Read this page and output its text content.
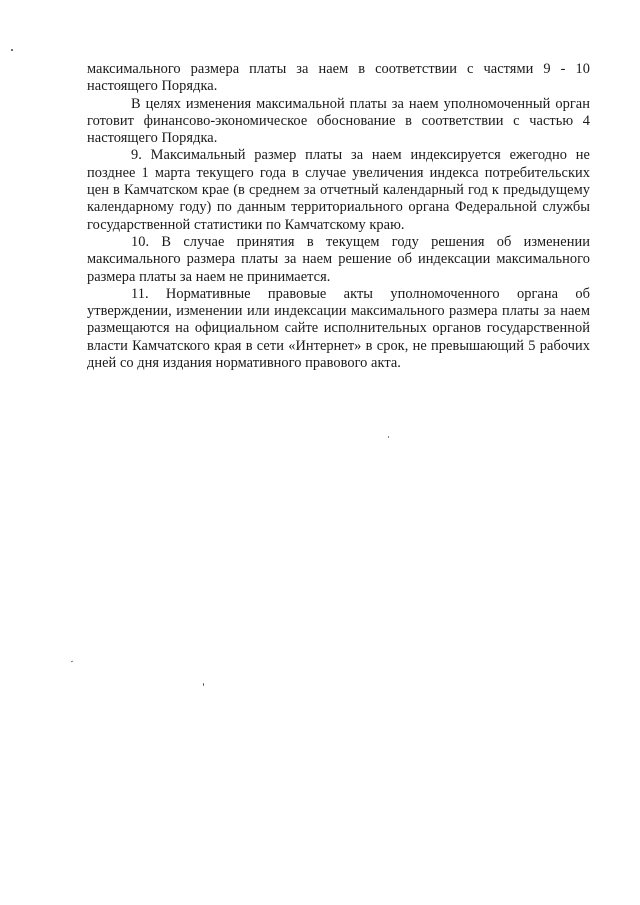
максимального размера платы за наем в соответствии с частями 9 - 10 настоящего Порядка.

В целях изменения максимальной платы за наем уполномоченный орган готовит финансово-экономическое обоснование в соответствии с частью 4 настоящего Порядка.

9. Максимальный размер платы за наем индексируется ежегодно не позднее 1 марта текущего года в случае увеличения индекса потребительских цен в Камчатском крае (в среднем за отчетный календарный год к предыдущему календарному году) по данным территориального органа Федеральной службы государственной статистики по Камчатскому краю.

10. В случае принятия в текущем году решения об изменении максимального размера платы за наем решение об индексации максимального размера платы за наем не принимается.

11. Нормативные правовые акты уполномоченного органа об утверждении, изменении или индексации максимального размера платы за наем размещаются на официальном сайте исполнительных органов государственной власти Камчатского края в сети «Интернет» в срок, не превышающий 5 рабочих дней со дня издания нормативного правового акта.
